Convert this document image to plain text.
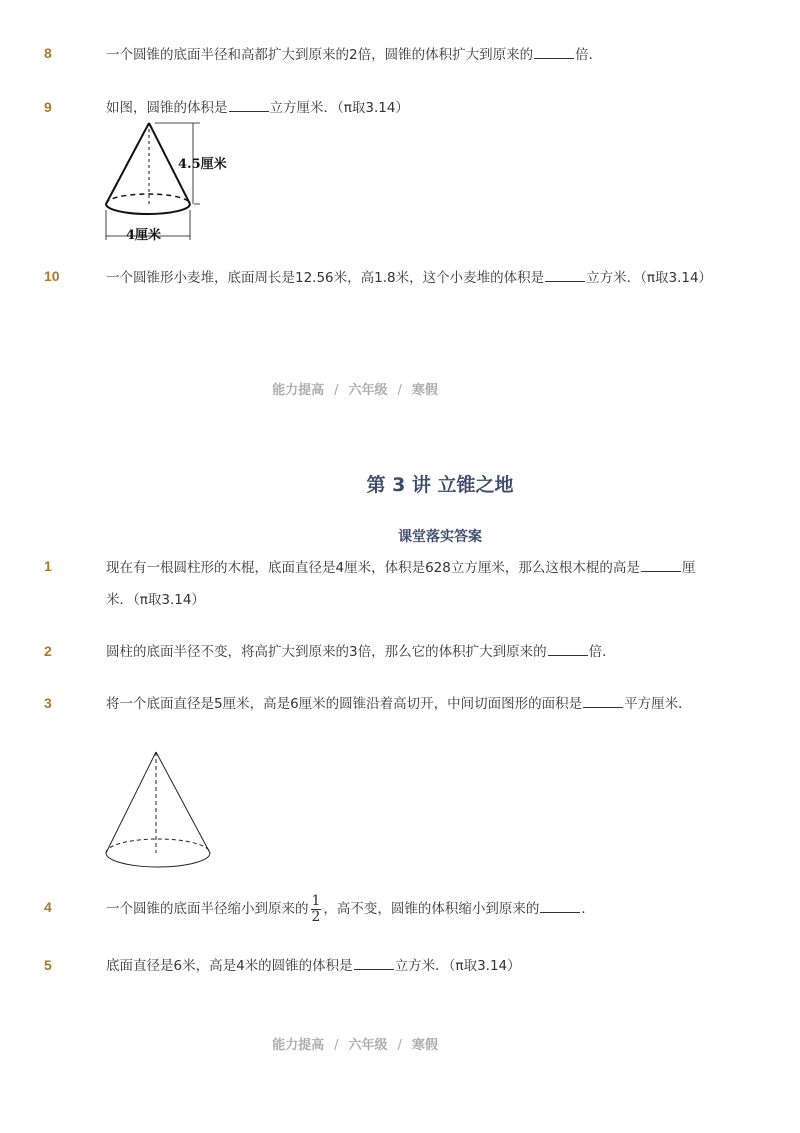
8	一个圆锥的底面半径和高都扩大到原来的2倍，圆锥的体积扩大到原来的	倍．
9	如图，圆锥的体积是	立方厘米．（π取3.14）
4.5厘米
4厘米
10	一个圆锥形小麦堆，底面周长是12.56米，高1.8米，这个小麦堆的体积是	立方米．（π取3.14）
能力提高 / 六年级 / 寒假
第 3 讲 立锥之地
课堂落实答案
1	现在有一根圆柱形的木棍，底面直径是4厘米，体积是628立方厘米，那么这根木棍的高是	厘米．（π取3.14）
2	圆柱的底面半径不变，将高扩大到原来的3倍，那么它的体积扩大到原来的	倍．
3	将一个底面直径是5厘米，高是6厘米的圆锥沿着高切开，中间切面图形的面积是	平方厘米．
4	一个圆锥的底面半径缩小到原来的 $\frac{1}{2}$ ，高不变，圆锥的体积缩小到原来的	．
5	底面直径是6米，高是4米的圆锥的体积是	立方米．（π取3.14）
能力提高 / 六年级 / 寒假
